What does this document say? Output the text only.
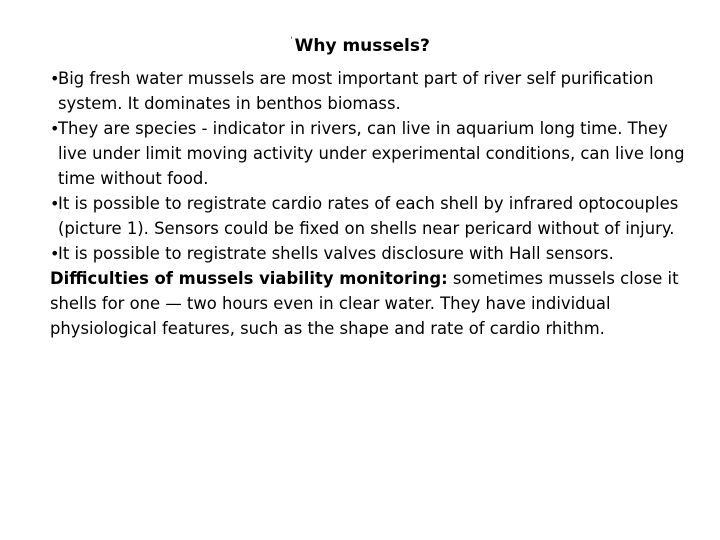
' Why mussels?

•
Big fresh water mussels are most important part of river self purification system. It dominates in benthos biomass.

•
They are species - indicator in rivers, can live in aquarium long time. They live under limit moving activity under experimental conditions, can live long time without food.

•
It is possible to registrate cardio rates of each shell by infrared optocouples (picture 1). Sensors could be fixed on shells near pericard without of injury.

•
It is possible to registrate shells valves disclosure with Hall sensors.

Difficulties of mussels viability monitoring: sometimes mussels close it shells for one — two hours even in clear water. They have individual physiological features, such as the shape and rate of cardio rhithm.
